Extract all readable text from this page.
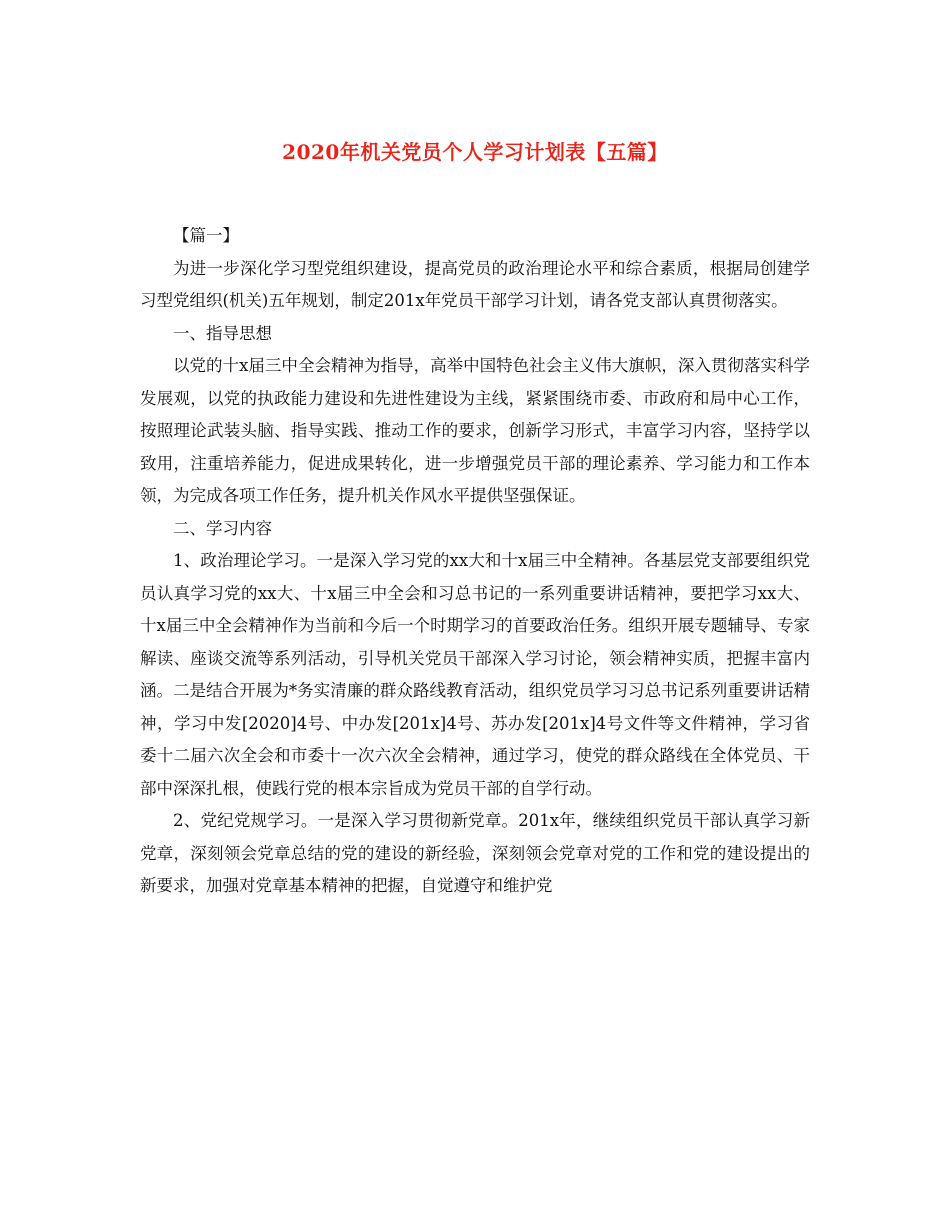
2020年机关党员个人学习计划表【五篇】

【篇一】

为进一步深化学习型党组织建设，提高党员的政治理论水平和综合素质，根据局创建学习型党组织(机关)五年规划，制定201x年党员干部学习计划，请各党支部认真贯彻落实。

一、指导思想

以党的十x届三中全会精神为指导，高举中国特色社会主义伟大旗帜，深入贯彻落实科学发展观，以党的执政能力建设和先进性建设为主线，紧紧围绕市委、市政府和局中心工作，按照理论武装头脑、指导实践、推动工作的要求，创新学习形式，丰富学习内容，坚持学以致用，注重培养能力，促进成果转化，进一步增强党员干部的理论素养、学习能力和工作本领，为完成各项工作任务，提升机关作风水平提供坚强保证。

二、学习内容

1、政治理论学习。一是深入学习党的xx大和十x届三中全精神。各基层党支部要组织党员认真学习党的xx大、十x届三中全会和习总书记的一系列重要讲话精神，要把学习xx大、十x届三中全会精神作为当前和今后一个时期学习的首要政治任务。组织开展专题辅导、专家解读、座谈交流等系列活动，引导机关党员干部深入学习讨论，领会精神实质，把握丰富内涵。二是结合开展为*务实清廉的群众路线教育活动，组织党员学习习总书记系列重要讲话精神，学习中发[2020]4号、中办发[201x]4号、苏办发[201x]4号文件等文件精神，学习省委十二届六次全会和市委十一次六次全会精神，通过学习，使党的群众路线在全体党员、干部中深深扎根，使践行党的根本宗旨成为党员干部的自学行动。

2、党纪党规学习。一是深入学习贯彻新党章。201x年，继续组织党员干部认真学习新党章，深刻领会党章总结的党的建设的新经验，深刻领会党章对党的工作和党的建设提出的新要求，加强对党章基本精神的把握，自觉遵守和维护党
